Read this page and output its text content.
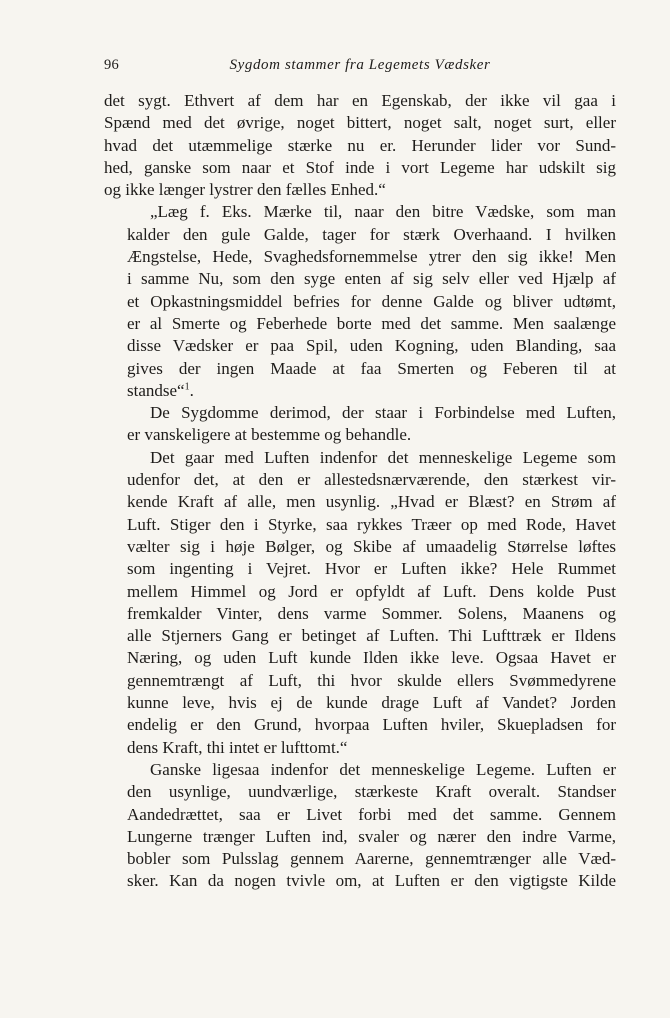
96	Sygdom stammer fra Legemets Vædsker
det sygt. Ethvert af dem har en Egenskab, der ikke vil gaa i
Spænd med det øvrige, noget bittert, noget salt, noget surt, eller
hvad det utæmmelige stærke nu er. Herunder lider vor Sund-
hed, ganske som naar et Stof inde i vort Legeme har udskilt sig
og ikke længer lystrer den fælles Enhed.“
„Læg f. Eks. Mærke til, naar den bitre Vædske, som man
kalder den gule Galde, tager for stærk Overhaand. I hvilken
Ængstelse, Hede, Svaghedsfornemmelse ytrer den sig ikke! Men
i samme Nu, som den syge enten af sig selv eller ved Hjælp af
et Opkastningsmiddel befries for denne Galde og bliver udtømt,
er al Smerte og Feberhede borte med det samme. Men saalænge
disse Vædsker er paa Spil, uden Kogning, uden Blanding, saa
gives der ingen Maade at faa Smerten og Feberen til at
standse“$^1$.
De Sygdomme derimod, der staar i Forbindelse med Luften,
er vanskeligere at bestemme og behandle.
Det gaar med Luften indenfor det menneskelige Legeme som
udenfor det, at den er allestedsnærværende, den stærkest vir-
kende Kraft af alle, men usynlig. „Hvad er Blæst? en Strøm af
Luft. Stiger den i Styrke, saa rykkes Træer op med Rode, Havet
vælter sig i høje Bølger, og Skibe af umaadelig Størrelse løftes
som ingenting i Vejret. Hvor er Luften ikke? Hele Rummet
mellem Himmel og Jord er opfyldt af Luft. Dens kolde Pust
fremkalder Vinter, dens varme Sommer. Solens, Maanens og
alle Stjerners Gang er betinget af Luften. Thi Lufttræk er Ildens
Næring, og uden Luft kunde Ilden ikke leve. Ogsaa Havet er
gennemtrængt af Luft, thi hvor skulde ellers Svømmedyrene
kunne leve, hvis ej de kunde drage Luft af Vandet? Jorden
endelig er den Grund, hvorpaa Luften hviler, Skuepladsen for
dens Kraft, thi intet er lufttomt.“
Ganske ligesaa indenfor det menneskelige Legeme. Luften er
den usynlige, uundværlige, stærkeste Kraft overalt. Standser
Aandedrættet, saa er Livet forbi med det samme. Gennem
Lungerne trænger Luften ind, svaler og nærer den indre Varme,
bobler som Pulsslag gennem Aarerne, gennemtrænger alle Væd-
sker. Kan da nogen tvivle om, at Luften er den vigtigste Kilde
